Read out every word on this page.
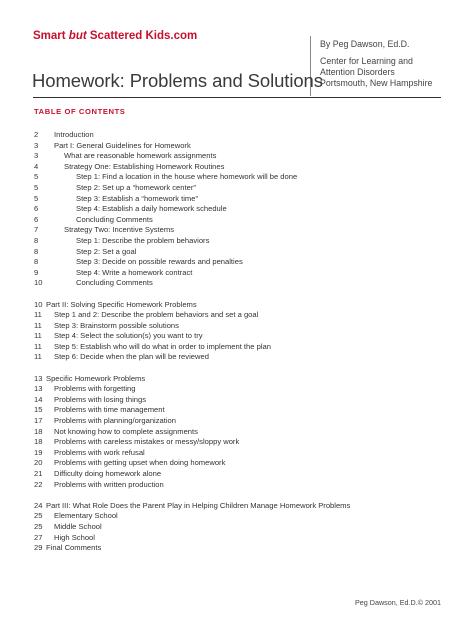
Smart but Scattered Kids.com
By Peg Dawson, Ed.D.
Center for Learning and
Attention Disorders
Portsmouth, New Hampshire
Homework: Problems and Solutions
TABLE OF CONTENTS
2	Introduction
3	Part I: General Guidelines for Homework
3	What are reasonable homework assignments
4	Strategy One: Establishing Homework Routines
5	Step 1: Find a location in the house where homework will be done
5	Step 2: Set up a “homework center”
5	Step 3: Establish a “homework time”
6	Step 4: Establish a daily homework schedule
6	Concluding Comments
7	Strategy Two: Incentive Systems
8	Step 1: Describe the problem behaviors
8	Step 2: Set a goal
8	Step 3: Decide on possible rewards and penalties
9	Step 4: Write a homework contract
10	Concluding Comments
10 Part II: Solving Specific Homework Problems
11	Step 1 and 2: Describe the problem behaviors and set a goal
11	Step 3: Brainstorm possible solutions
11	Step 4: Select the solution(s) you want to try
11	Step 5: Establish who will do what in order to implement the plan
11	Step 6: Decide when the plan will be reviewed
13 Specific Homework Problems
13	Problems with forgetting
14	Problems with losing things
15	Problems with time management
17	Problems with planning/organization
18	Not knowing how to complete assignments
18	Problems with careless mistakes or messy/sloppy work
19	Problems with work refusal
20	Problems with getting upset when doing homework
21	Difficulty doing homework alone
22	Problems with written production
24 Part III: What Role Does the Parent Play in Helping Children Manage Homework Problems
25	Elementary School
25	Middle School
27	High School
29 Final Comments
Peg Dawson, Ed.D.© 2001
